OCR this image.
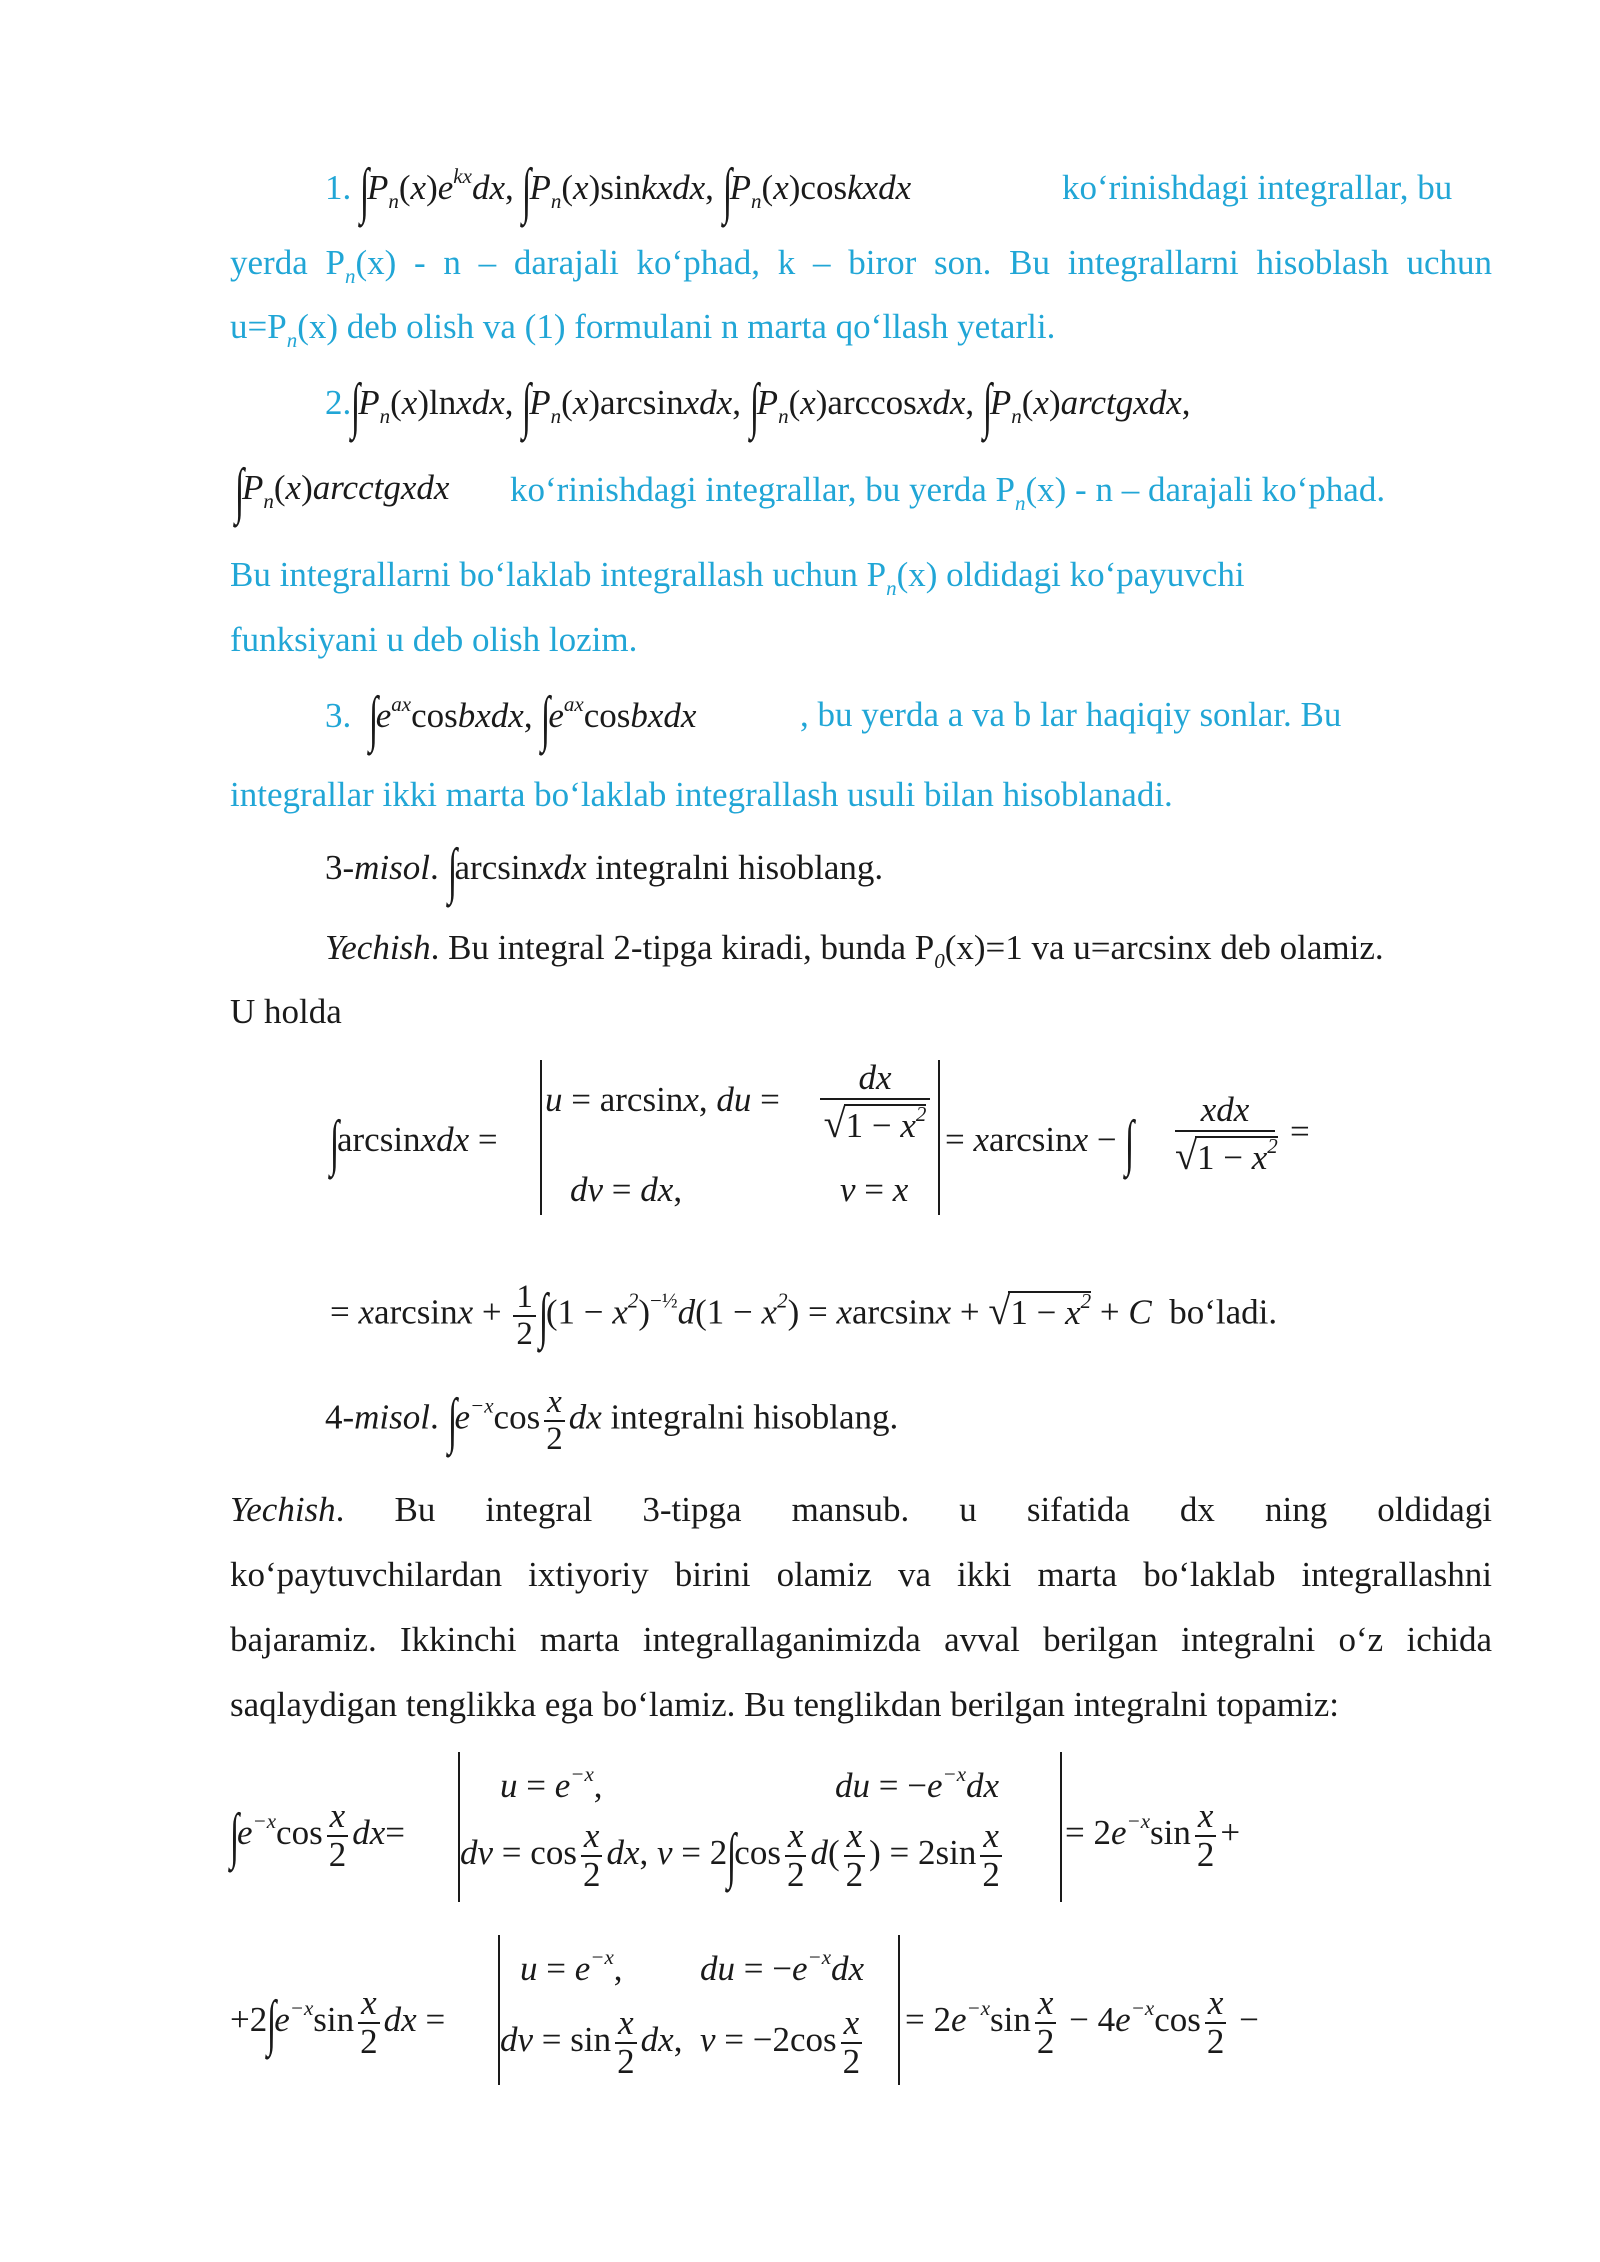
1. $\int P_n(x)e^{kx}dx$, $\int P_n(x)sinkxdx$, $\int P_n(x)coskxdx$	ko‘rinishdagi integrallar, bu
yerda $P_n(x)$ - n – darajali ko‘phad, k – biror son. Bu integrallarni hisoblash uchun
$u=P_n(x)$ deb olish va (1) formulani n marta qo‘llash yetarli.
$2.\int P_n(x)lnxdx$, $\int P_n(x)arcsinxdx$, $\int P_n(x)arccosxdx$, $\int P_n(x)arctgxdx$,
$\int P_n(x)arcctgxdx$ ko‘rinishdagi integrallar, bu yerda $P_n(x)$ - n – darajali ko‘phad.
Bu integrallarni bo‘laklab integrallash uchun $P_n(x)$ oldidagi ko‘payuvchi
funksiyani u deb olish lozim.
3. $\int e^{ax}cosbxdx$, $\int e^{ax}cosbxdx$	, bu yerda a va b lar haqiqiy sonlar. Bu
integrallar ikki marta bo‘laklab integrallash usuli bilan hisoblanadi.
3-misol. ∫arcsinxdx integralni hisoblang.
Yechish. Bu integral 2-tipga kiradi, bunda $P_0(x)=1$ va u=arcsinx deb olamiz.
U holda
∫arcsinxdx =
u = arcsinx, du =
dx
$√1 - x^2$
dv = dx,	v = x
= xarcsinx − ∫	xdx
$√1 - x^2$ =
= $xarcsinx + \frac{1}{2} \int(1 - x^2)^{-\frac{1}{2}}d(1 - x^2) = xarcsinx + √1 - x^2 + C$ bo‘ladi.
4-misol. $\int e^{-x}\cos \frac{x}{2}$ dx integralni hisoblang.
Yechish. Bu integral 3-tipga mansub. u sifatida dx ning oldidagi
ko‘paytuvchilardan ixtiyoriy birini olamiz va ikki marta bo‘laklab integrallashni
bajaramiz. Ikkinchi marta integrallaganimizda avval berilgan integralni o‘z ichida
saqlaydigan tenglikka ega bo‘lamiz. Bu tenglikdan berilgan integralni topamiz:
$\int e^{-x}\cos \frac{x}{2} dx=$
$u = e^{-x}$,	du = $-e^{-x}dx$
dv = $\cos \frac{x}{2}$ dx, $v = 2\int\cos \frac{x}{2} d( \frac{x}{2}$ ) = $2\sin \frac{x}{2} = 2e^{-x}\sin \frac{x}{2}$ +
$+2\int e^{-x}\sin \frac{x}{2}$ dx =
$u = e^{-x}$, du = $-e^{-x}dx$
dv = $\sin \frac{x}{2}$ dx,  $v = -2\cos \frac{x}{2} = 2e^{-x}\sin \frac{x}{2} - 4e^{-x}\cos \frac{x}{2}$ −
